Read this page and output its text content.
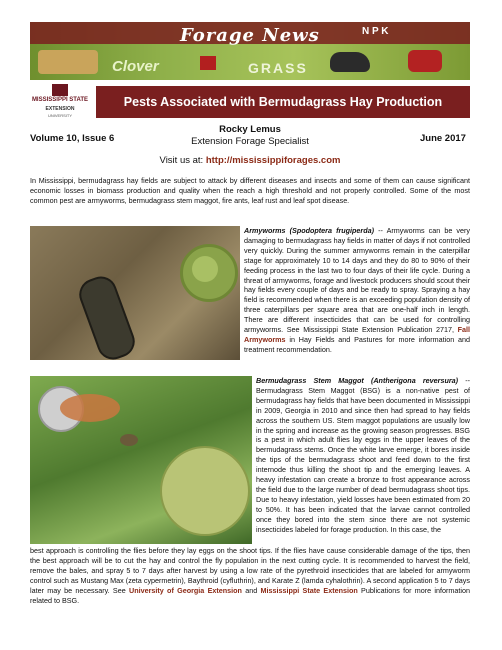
Forage News
Clover	GRASS
N P K
MISSISSIPPI STATE
EXTENSION
UNIVERSITY
Pests Associated with Bermudagrass Hay Production
Volume 10, Issue 6
Rocky Lemus
Extension Forage Specialist	June 2017
Visit us at: http://mississippiforages.com
In Mississippi, bermudagrass hay fields are subject to attack by different diseases and insects and some of them can cause significant economic losses in biomass production and quality when the reach a high threshold and not properly controlled. Some of the most common pest are armyworms, bermudagrass stem maggot, fire ants, leaf rust and leaf spot disease.
Armyworms (Spodoptera frugiperda) -- Armyworms can be very damaging to bermudagrass hay fields in matter of days if not controlled very quickly. During the summer armyworms remain in the caterpillar stage for approximately 10 to 14 days and they do 80 to 90% of their feeding process in the last two to four days of their life cycle. During a threat of armyworms, forage and livestock producers should scout their hay fields every couple of days and be ready to spray. Spraying a hay field is recommended when there is an exceeding population density of three caterpillars per square area that are one-half inch in length. There are different insecticides that can be used for controlling armyworms. See Mississippi State Extension Publication 2717, Fall Armyworms in Hay Fields and Pastures for more information and treatment recommendation.
Bermudagrass Stem Maggot (Antherigona reversura) -- Bermudagrass Stem Maggot (BSG) is a non-native pest of bermudagrass hay fields that have been documented in Mississippi in 2009, Georgia in 2010 and since then had spread to hay fields across the southern US. Stem maggot populations are usually low in the spring and increase as the growing season progresses. BSG is a pest in which adult flies lay eggs in the upper leaves of the bermudagrass stems. Once the white larve emerge, it bores inside the tips of the bermudagrass shoot and feed down to the first internode thus killing the shoot tip and the emerging leaves. A heavy infestation can create a bronze to frost appearance across the field due to the large number of dead bermudagrass shoot tips. Due to heavy infestation, yield losses have been estimated from 20 to 50%. It has been indicated that the larvae cannot controlled once they bored into the stem since there are not systemic insecticides labeled for forage production. In this case, the
best approach is controlling the flies before they lay eggs on the shoot tips. If the flies have cause considerable damage of the tips, then the best approach will be to cut the hay and control the fly population in the next cutting cycle. It is recommended to harvest the field, remove the bales, and spray 5 to 7 days after harvest by using a low rate of the pyrethroid insecticides that are labeled for armyworm control such as Mustang Max (zeta cypermetrin), Baythroid (cyfluthrin), and Karate Z (lamda cyhalothrin). A second application 5 to 7 days later may be necessary. See University of Georgia Extension and Mississippi State Extension Publications for more information related to BSG.
